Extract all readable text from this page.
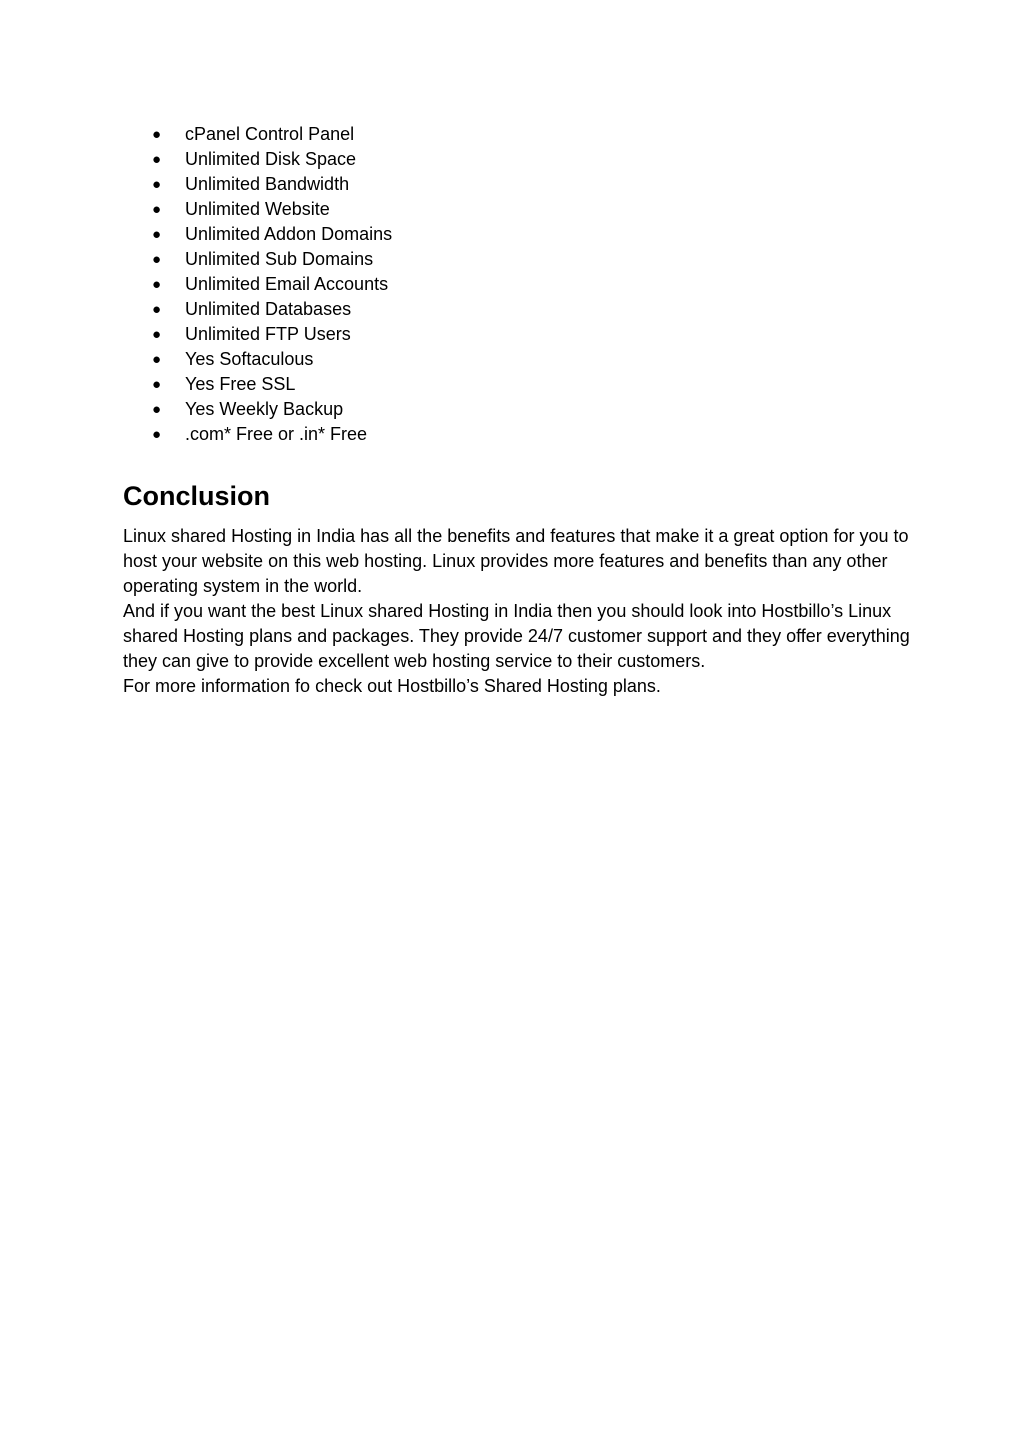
● cPanel Control Panel
● Unlimited Disk Space
● Unlimited Bandwidth
● Unlimited Website
● Unlimited Addon Domains
● Unlimited Sub Domains
● Unlimited Email Accounts
● Unlimited Databases
● Unlimited FTP Users
● Yes Softaculous
● Yes Free SSL
● Yes Weekly Backup
● .com* Free or .in* Free
Conclusion

Linux shared Hosting in India has all the benefits and features that make it a great option for you to host your website on this web hosting. Linux provides more features and benefits than any other operating system in the world.

And if you want the best Linux shared Hosting in India then you should look into Hostbillo’s Linux shared Hosting plans and packages. They provide 24/7 customer support and they offer everything they can give to provide excellent web hosting service to their customers.

For more information fo check out Hostbillo’s Shared Hosting plans.
